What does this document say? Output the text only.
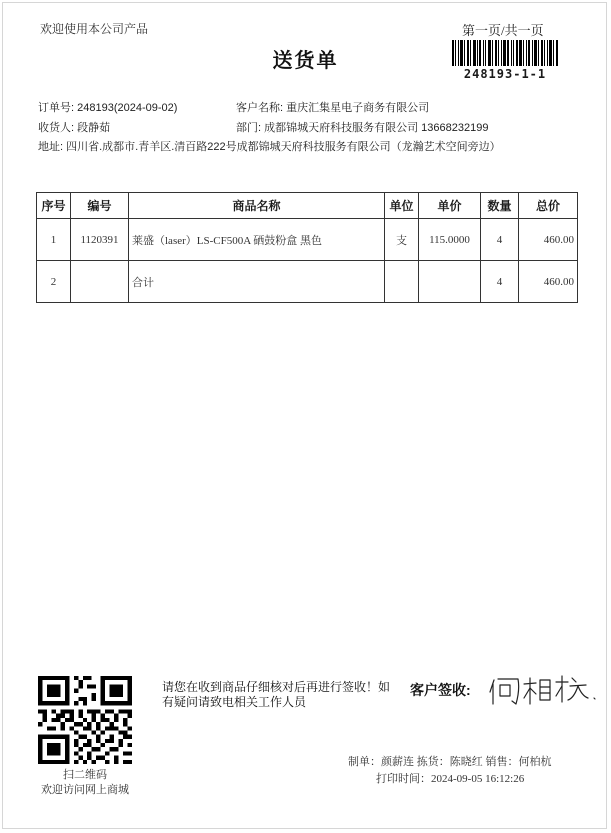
欢迎使用本公司产品	第一页/共一页
送货单
248193-1-1
订单号: 248193(2024-09-02)	客户名称: 重庆汇集星电子商务有限公司
收货人: 段静茹	部门: 成都锦城天府科技服务有限公司 13668232199
地址: 四川省.成都市.青羊区.清百路222号成都锦城天府科技服务有限公司（龙瀚艺术空间旁边）
序号	编号	商品名称	单位	单价	数量	总价
1	1120391	莱盛（laser）LS-CF500A 硒鼓粉盒 黑色	支	115.0000	4	460.00
2		合计			4	460.00
扫二维码
欢迎访问网上商城
请您在收到商品仔细核对后再进行签收！如有疑问请致电相关工作人员
客户签收:
制单：颜薪连 拣货：陈晓红 销售：何柏杭
打印时间：2024-09-05 16:12:26
